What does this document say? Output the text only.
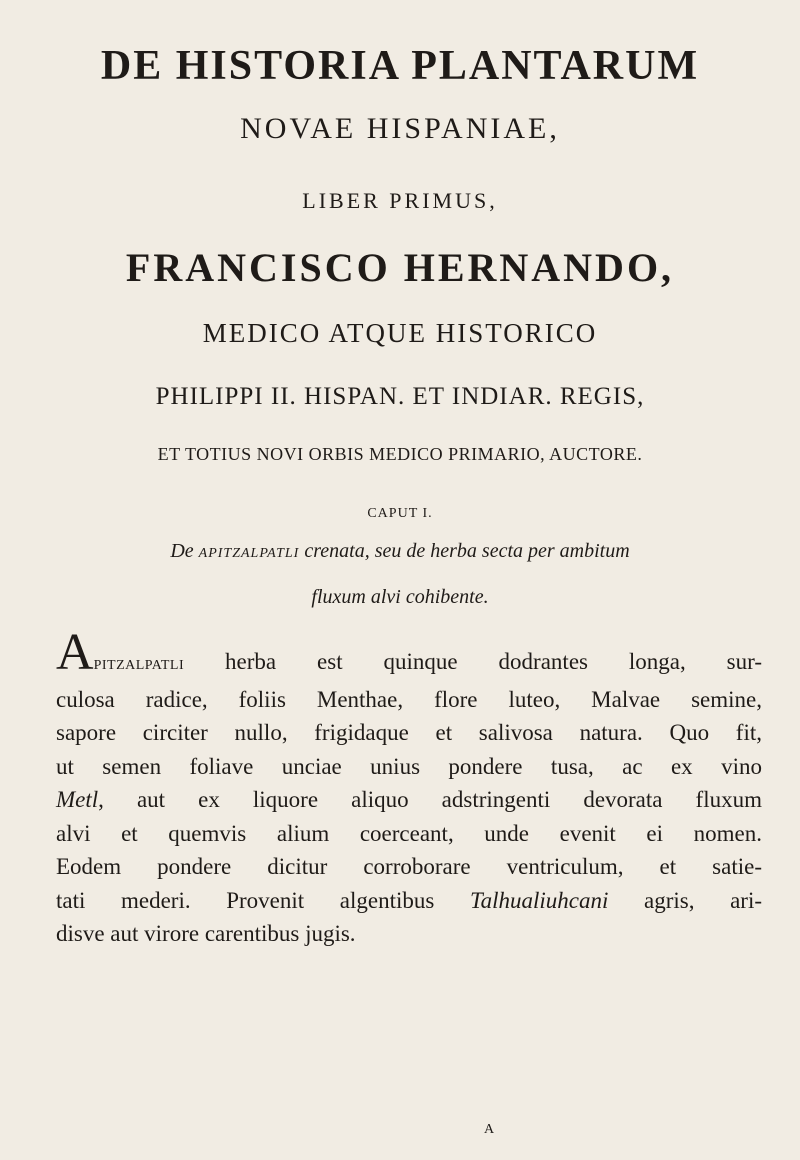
DE HISTORIA PLANTARUM
NOVAE HISPANIAE,
LIBER PRIMUS,
FRANCISCO HERNANDO,
MEDICO ATQUE HISTORICO
PHILIPPI II. HISPAN. ET INDIAR. REGIS,
ET TOTIUS NOVI ORBIS MEDICO PRIMARIO, AUCTORE.
CAPUT I.
De APITZALPATLI crenata, seu de herba secta per ambitum
fluxum alvi cohibente.
APITZALPATLI herba est quinque dodrantes longa, sur-
culosa radice, foliis Menthae, flore luteo, Malvae semine,
sapore circiter nullo, frigidaque et salivosa natura. Quo fit,
ut semen foliave unciae unius pondere tusa, ac ex vino
Metl, aut ex liquore aliquo adstringenti devorata fluxum
alvi et quemvis alium coerceant, unde evenit ei nomen.
Eodem pondere dicitur corroborare ventriculum, et satie-
tati mederi. Provenit algentibus Talhualiuhcani agris, ari-
disve aut virore carentibus jugis.
A
